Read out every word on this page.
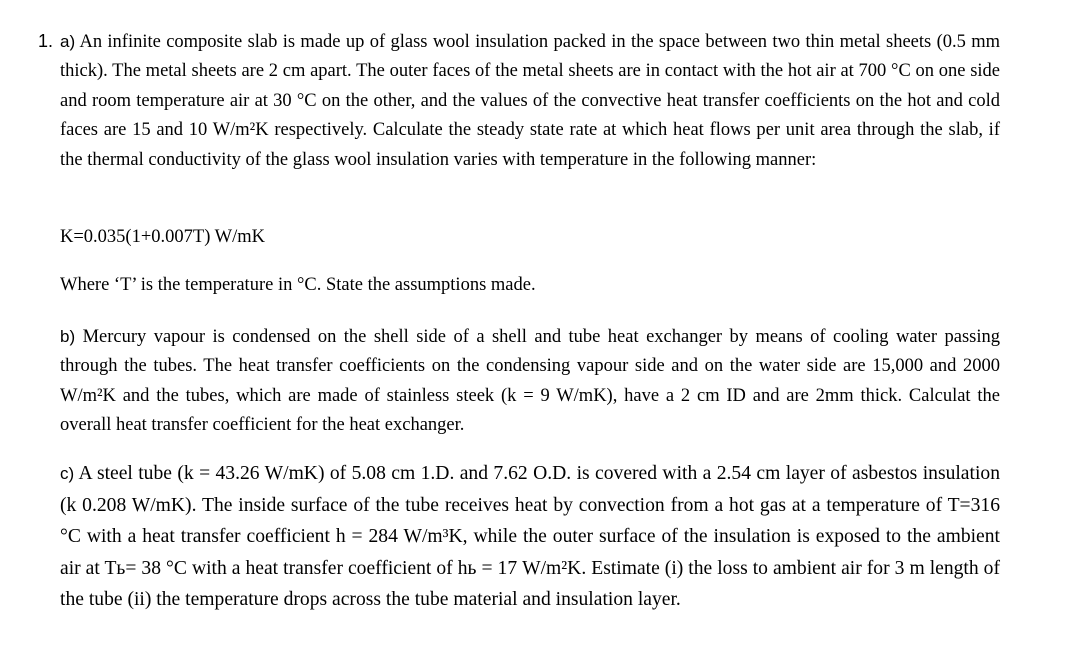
1. a) An infinite composite slab is made up of glass wool insulation packed in the space between two thin metal sheets (0.5 mm thick). The metal sheets are 2 cm apart. The outer faces of the metal sheets are in contact with the hot air at 700 °C on one side and room temperature air at 30 °C on the other, and the values of the convective heat transfer coefficients on the hot and cold faces are 15 and 10 W/m²K respectively. Calculate the steady state rate at which heat flows per unit area through the slab, if the thermal conductivity of the glass wool insulation varies with temperature in the following manner:

K=0.035(1+0.007T) W/mK

Where ‘T’ is the temperature in °C. State the assumptions made.

b) Mercury vapour is condensed on the shell side of a shell and tube heat exchanger by means of cooling water passing through the tubes. The heat transfer coefficients on the condensing vapour side and on the water side are 15,000 and 2000 W/m²K and the tubes, which are made of stainless steek (k = 9 W/mK), have a 2 cm ID and are 2mm thick. Calculat the overall heat transfer coefficient for the heat exchanger.

c) A steel tube (k = 43.26 W/mK) of 5.08 cm 1.D. and 7.62 O.D. is covered with a 2.54 cm layer of asbestos insulation (k 0.208 W/mK). The inside surface of the tube receives heat by convection from a hot gas at a temperature of T=316 °C with a heat transfer coefficient h = 284 W/m³K, while the outer surface of the insulation is exposed to the ambient air at Tь= 38 °C with a heat transfer coefficient of hь = 17 W/m²K. Estimate (i) the loss to ambient air for 3 m length of the tube (ii) the temperature drops across the tube material and insulation layer.
